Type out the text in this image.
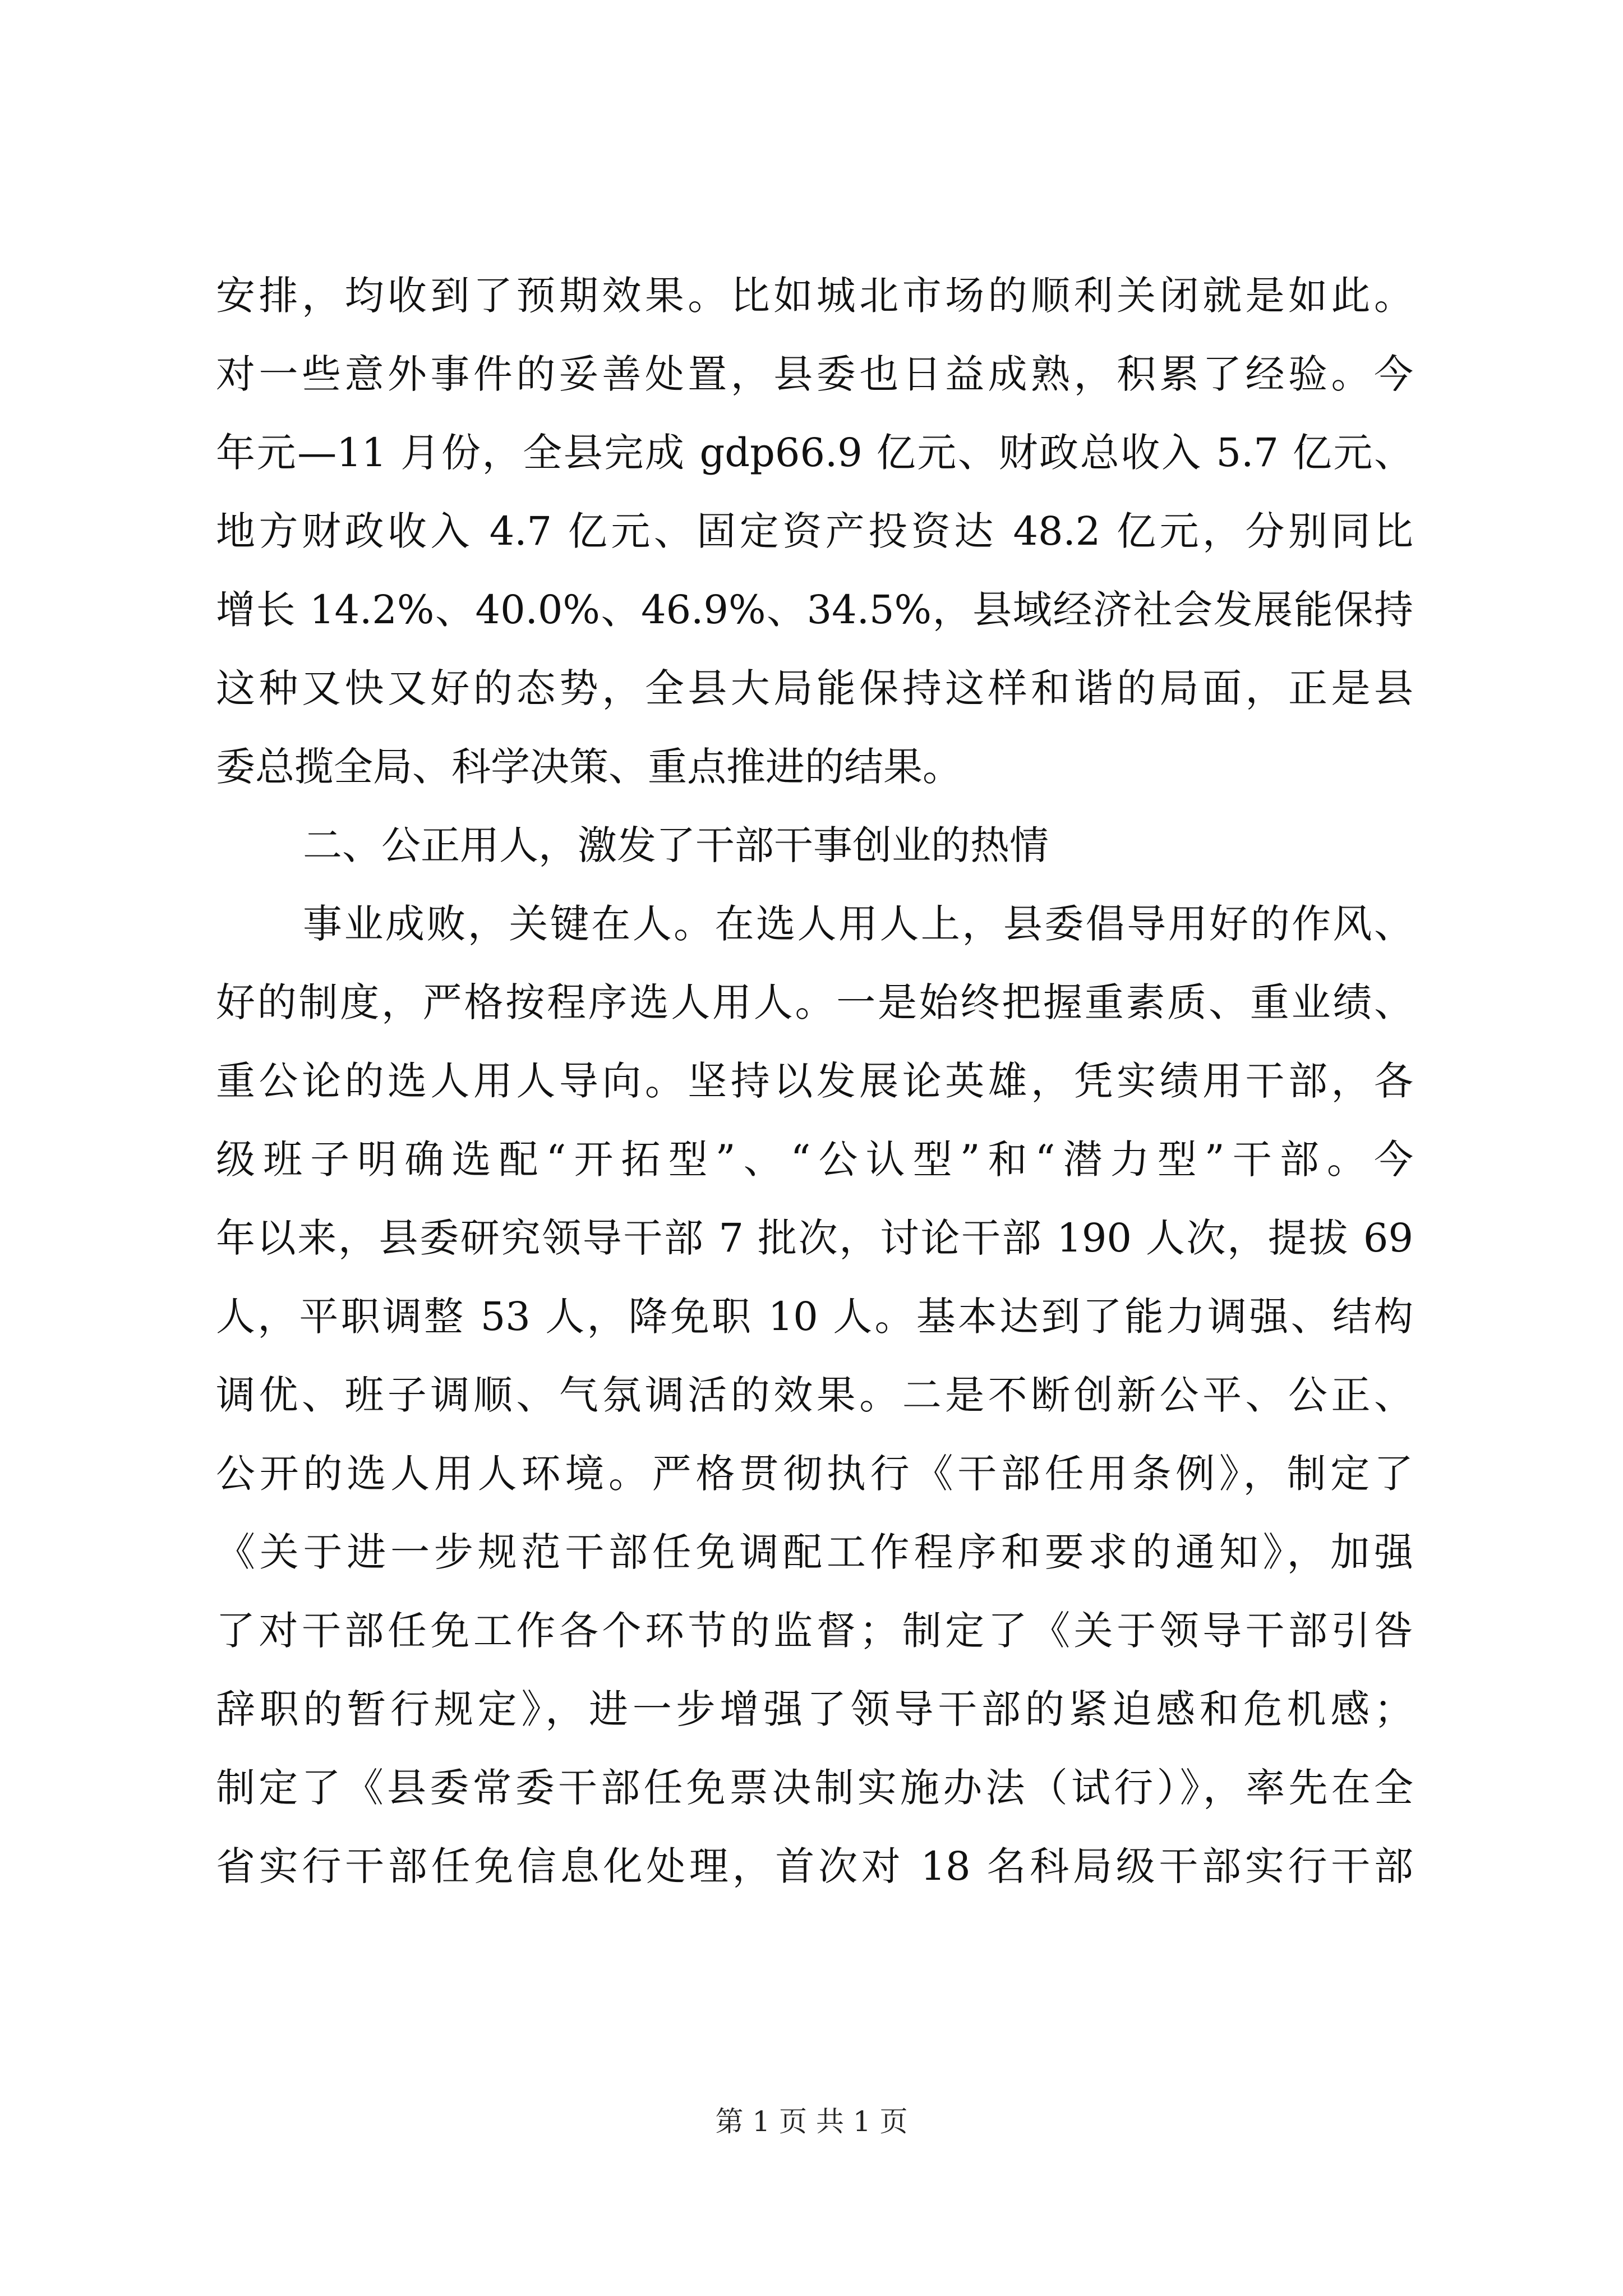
安排，均收到了预期效果。比如城北市场的顺利关闭就是如此。
对一些意外事件的妥善处置，县委也日益成熟，积累了经验。今
年元—11 月份，全县完成 gdp66.9 亿元、财政总收入 5.7 亿元、
地方财政收入 4.7 亿元、固定资产投资达 48.2 亿元，分别同比
增长 14.2%、40.0%、46.9%、34.5%，县域经济社会发展能保持
这种又快又好的态势，全县大局能保持这样和谐的局面，正是县
委总揽全局、科学决策、重点推进的结果。
二、公正用人，激发了干部干事创业的热情
事业成败，关键在人。在选人用人上，县委倡导用好的作风、
好的制度，严格按程序选人用人。一是始终把握重素质、重业绩、
重公论的选人用人导向。坚持以发展论英雄，凭实绩用干部，各
级班子明确选配“开拓型”、“公认型”和“潜力型”干部。今
年以来，县委研究领导干部 7 批次，讨论干部 190 人次，提拔 69
人，平职调整 53 人，降免职 10 人。基本达到了能力调强、结构
调优、班子调顺、气氛调活的效果。二是不断创新公平、公正、
公开的选人用人环境。严格贯彻执行《干部任用条例》，制定了
《关于进一步规范干部任免调配工作程序和要求的通知》，加强
了对干部任免工作各个环节的监督；制定了《关于领导干部引咎
辞职的暂行规定》，进一步增强了领导干部的紧迫感和危机感；
制定了《县委常委干部任免票决制实施办法（试行）》，率先在全
省实行干部任免信息化处理，首次对 18 名科局级干部实行干部
第 1 页 共 1 页
